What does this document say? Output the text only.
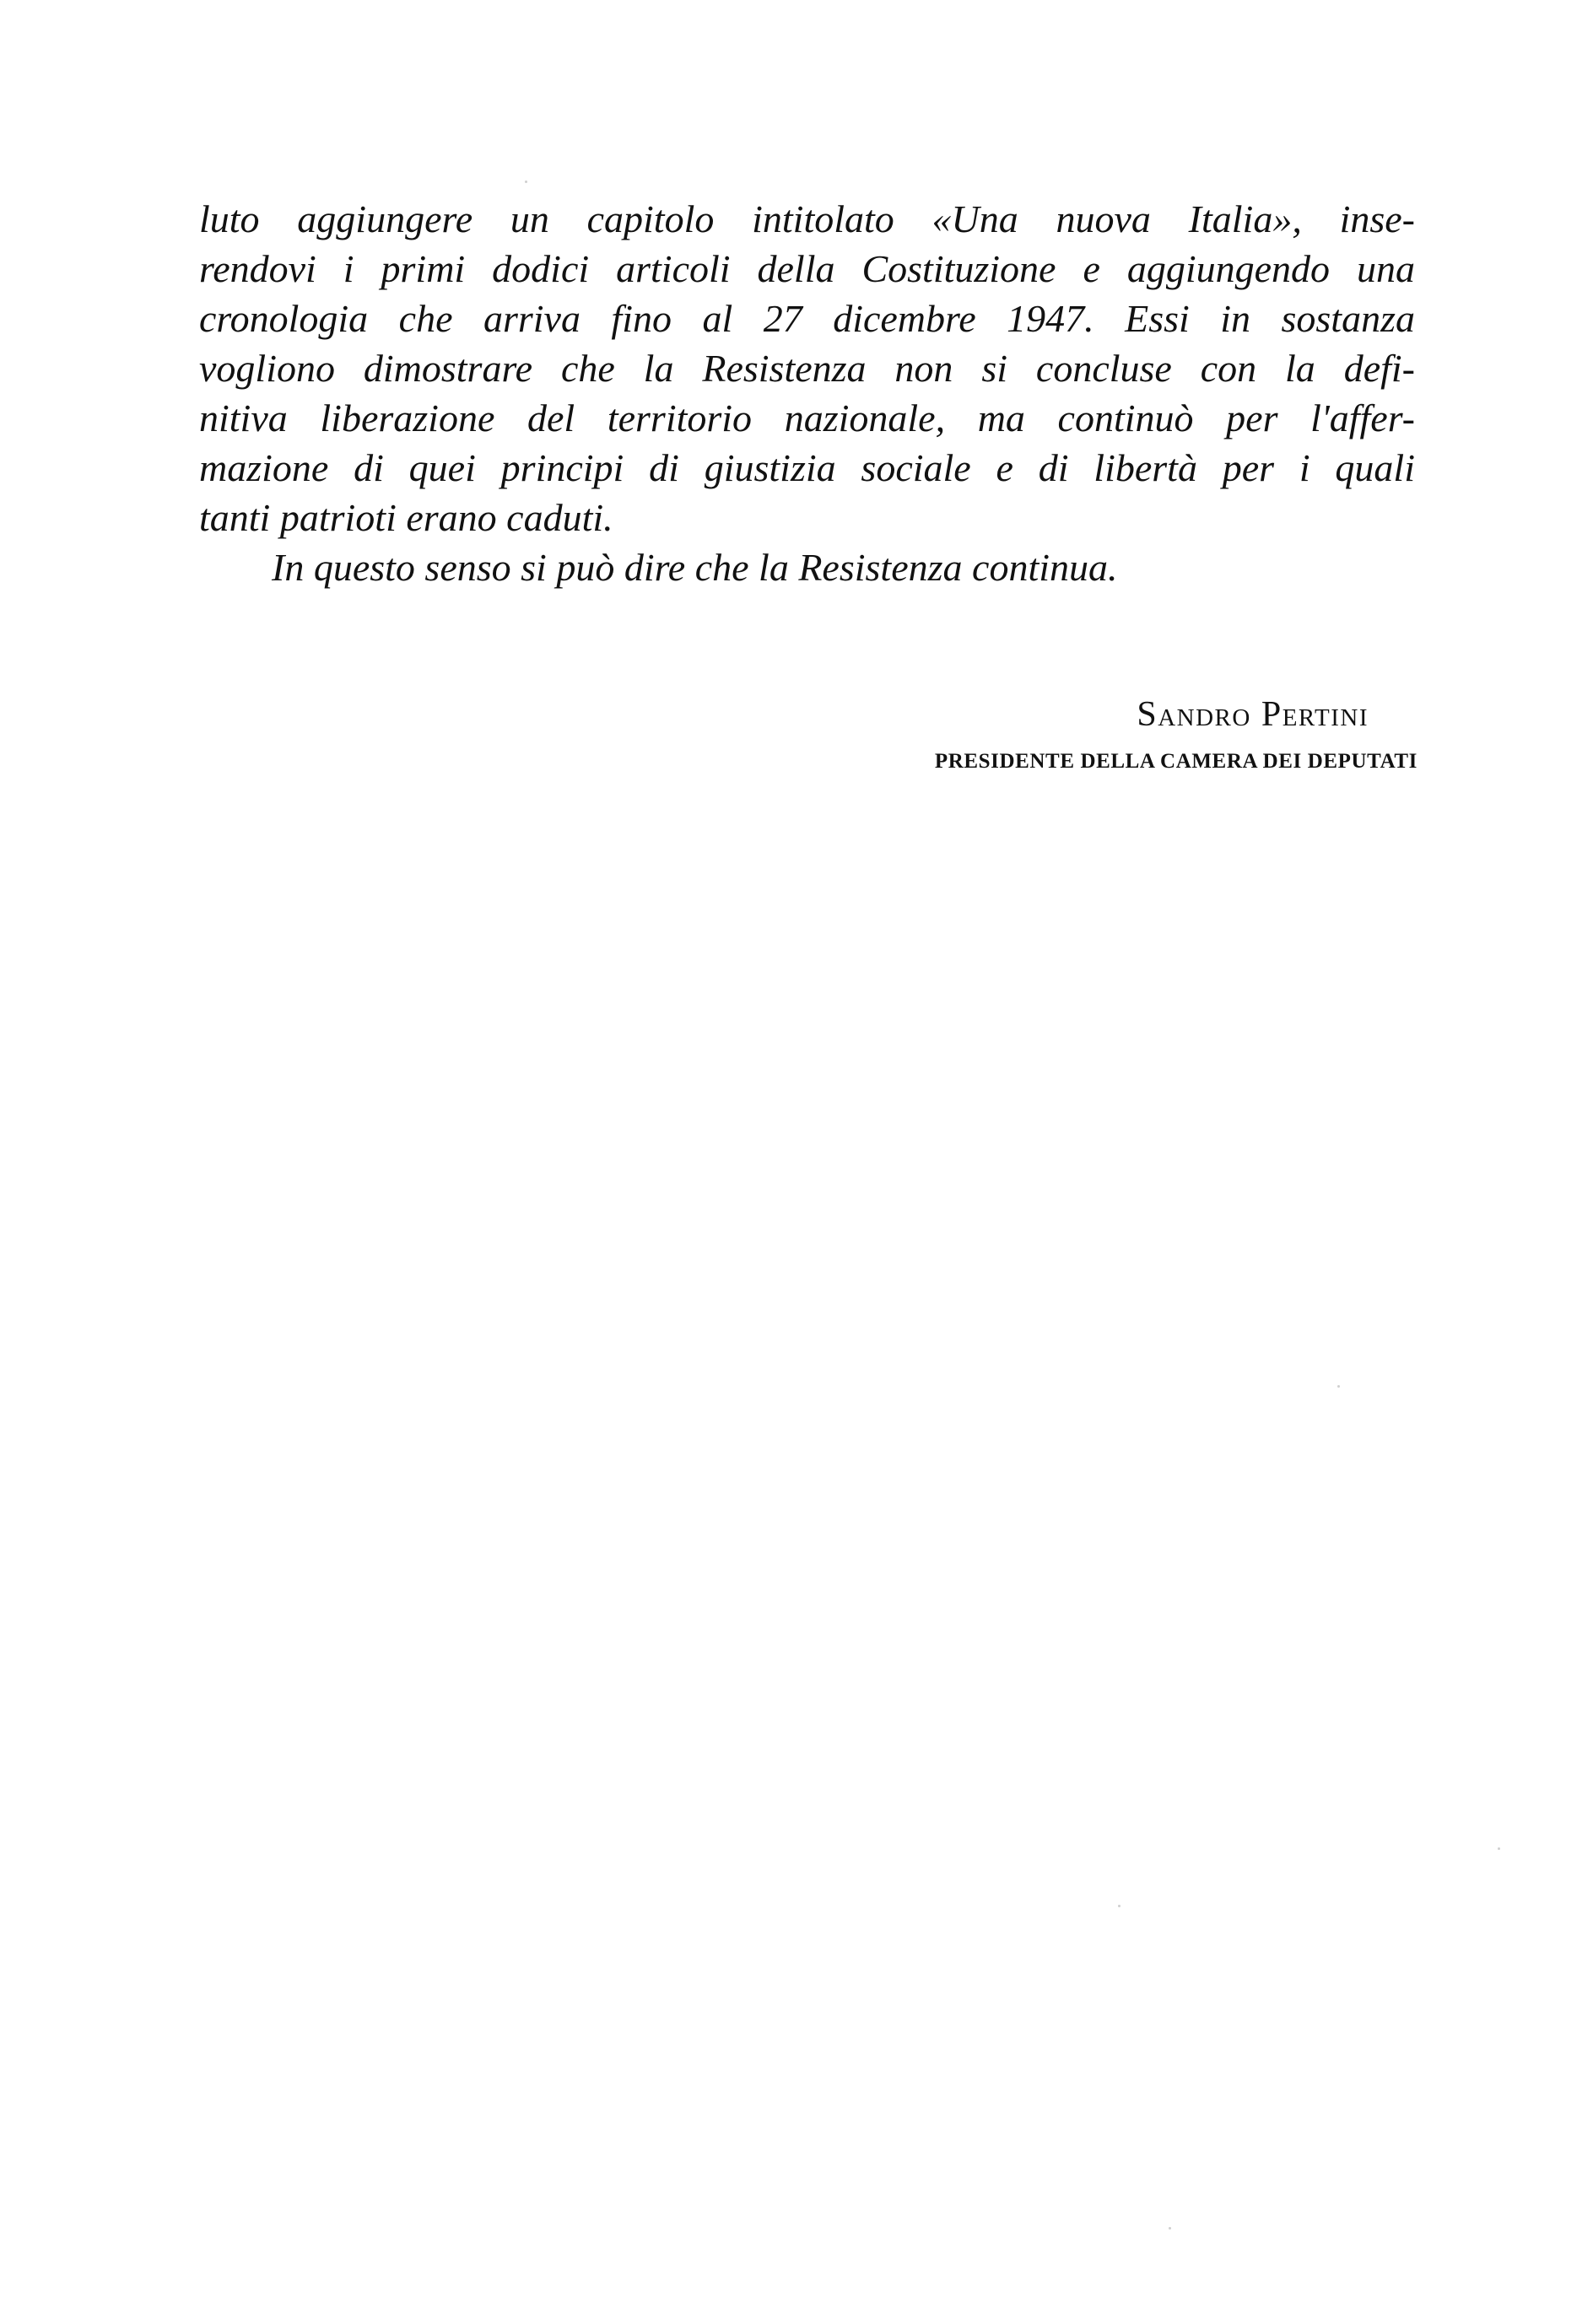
luto aggiungere un capitolo intitolato «Una nuova Italia», inse-
rendovi i primi dodici articoli della Costituzione e aggiungendo una
cronologia che arriva fino al 27 dicembre 1947. Essi in sostanza
vogliono dimostrare che la Resistenza non si concluse con la defi-
nitiva liberazione del territorio nazionale, ma continuò per l'affer-
mazione di quei principi di giustizia sociale e di libertà per i quali
tanti patrioti erano caduti.
In questo senso si può dire che la Resistenza continua.
Sandro Pertini
PRESIDENTE DELLA CAMERA DEI DEPUTATI
